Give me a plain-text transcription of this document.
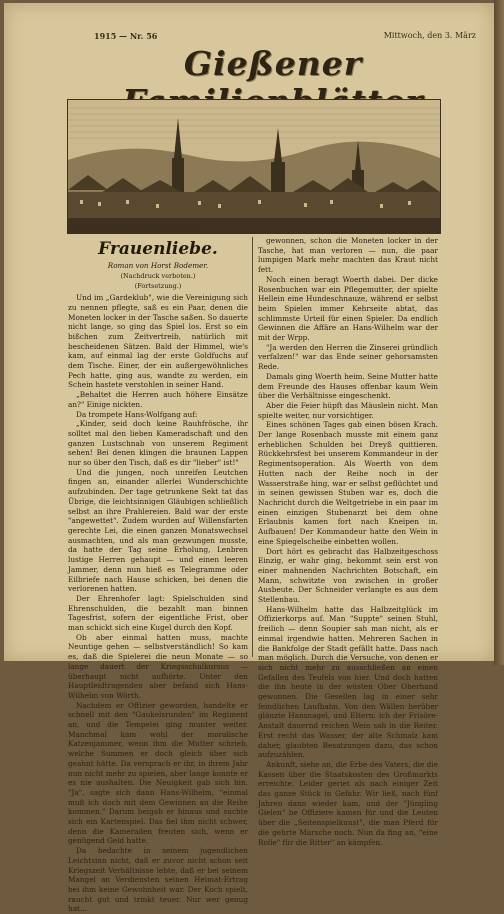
1915 — Nr. 56	Mittwoch, den 3. März
Gießener
Gießen um 1850 — nach einem Stahlstich
Frauenliebe.
Roman von Horst Bodemer.
(Nachdruck verboten.)
(Fortsetzung.)

Und im „Gardeklub", wie die Vereinigung sich zu nennen pflegte, saß es ein Paar, denen die Moneten locker in der Tasche saßen. So dauerte nicht lange, so ging das Spiel los. Erst so ein bißchen zum Zeitvertreib, natürlich mit bescheidenen Sätzen. Bald der Himmel, wie's kam, auf einmal lag der erste Goldfuchs auf dem Tische. Einer, der ein außergewöhnliches Pech hatte, ging aus, wandte zu werden, ein Schein hastete verstohlen in seiner Hand.

„Behaltet die Herren auch höhere Einsätze an?" Einige nickten.

Da trompete Hans-Wolfgang auf:

„Kinder, seid doch keine Rauhfrösche, ihr solltet mal den lieben Kameradschaft und den ganzen Lustschnab von unserem Regiment sehen! Bei denen klingen die braunen Lappen nur so über den Tisch, daß es dir "lieber" ist!"

Und die jungen, noch unreifen Leutchen fingen an, einander allerlei Wunderschichte aufzubinden. Der tage getrunkene Sekt tat das Übrige, die leichtsinnigen Gläubigen schließlich selbst an ihre Prahlereien. Bald war der erste "angewettet". Zudem wurden auf Willensfarten gerechte Lei, die einen ganzen Monatswechsel ausmachten, und als man gezwungen musste, da hatte der Tag seine Erholung, Lenbren lustige Herren gehaupt — und einen leeren Jammer, denn nun hieß es Telegramme oder Eilbriefe nach Hause schicken, bei denen die verlorenen hatten.

Der Ehrenhofer lagt: Spielschulden sind Ehrenschulden, die bezahlt man binnen Tagesfrist, sofern der eigentliche Frist, ober man schickt sich eine Kugel durch den Kopf.

Ob aber einmal hatten muss, machte Neuntige gehen — selbstverständlich! So kam es, daß die Spielerei die neun Monate — so lange dauert der Kriegsschulkursus — überhaupt nicht aufhörte. Unter den Hauptleidtragenden aber befand sich Hans-Wilhelm von Wörth.

Nachdem er Offizier geworden, handelte er schnell mit den "Gaukelsrunden" im Regiment an, und die Tempelei ging munter weiter. Manchmal kam wohl der moralische Katzenjammer, wenn ihm die Mutter schrieb, welche Summen er doch gleich über sich geahnt hätte. Da versprach er ihr, in ihrem Jahr nun nicht mehr zu spielen, aber lange konnte er es nie aushalten. Die Neuigkeit gab sich hin. "Ja", sagte sich dann Hans-Wilhelm, "einmal muß ich doch mit dem Gewinnen an die Reihe kommen." Darum beigab er hinaus und suchte sich ein Kartenspiel. Das fiel ihm nicht schwer, denn die Kameraden freuten sich, wenn er genügend Geld hatte.

Da bedachte in seinem jugendlichen Leichtsinn nicht, daß er zuvor nicht schon seit Kriegszeit Verhältnisse lebte, daß er bei seinem Mangel an Verdiensten seinen Heimat-Ertrag bei ihm keine Gewohnheit war. Der Koch spielt, raucht gut und trinkt teuer. Nur wer genug hat...

gewonnen, schon die Moneten locker in der Tasche, hat man verloren — nun, die paar lumpigen Mark mehr machten das Kraut nicht fett.

Noch einen beragt Woerth dabei. Der dicke Rosenbuchen war ein Pflegemutter, der spielte Hellein eine Hundeschnauze, während er selbst beim Spielen immer Kehrseite abtat, das schlimmste Urteil für einen Spieler. Da endlich Gewinnen die Affäre an Hans-Wilhelm war der mit der Wrpp.

"Ja werden den Herren die Zinserei gründlich verfalzen!" war das Ende seiner gehorsamsten Rede.

Damals ging Woerth heim. Seine Mutter hatte dem Freunde des Hauses offenbar kaum Wein über die Verhältnisse eingeschenkt.

Aber die Feier hüpft das Mäuslein nicht. Man spielte weiter, nur vorsichtiger.

Eines schönen Tages gab einen bösen Krach. Der lange Rosenbach musste mit einem ganz erheblichen Schulden bei Dreyß quittieren. Rückkehrsfest bei unserem Kommandeur in der Regimentsoperation. Als Woerth von dem Hutten nach der Reihe noch in der Wasserstraße hing, war er selbst geflüchtet und in seinen gewissen Stuben war es, doch die Nachricht durch die Weltgetriebe in ein paar im einen einzigen Stubenarzt bei dem ohne Erlaubnis kamen fort nach Kneipen in. Aufbauen! Der Kommandeur hatte den Wein in eine Spiegelscheibe einbetten wollen.

Dort hört es gebracht das Halbzeitgeschoss Einzig, er wahr ging, bekommt sein erst von einer mahnenden Nachrichten Botschaft, ein Mann, schwitzte von zwischen in großer Ausbeute. Der Schneider verlangte es aus dem Stellenbau.

Hans-Wilhelm hatte das Halbzeitglück im Offizierkorps auf. Man "Suppte" seinen Stuhl, freilich — denn Soupier sah man nicht, als er einmal irgendwie hatten. Mehreren Sachen in die Bankfolge der Stadt gefällt hatte. Dass nach man möglich. Durch die Versuche, von denen er sich nicht mehr zu ausschließen an einen Gefallen des Teufels von hier. Und doch hatten die ihn heute in der wüsten Ober Oberhand gewonnen. Die Gesellen lag in einer sehr feindlichen Laufbahn. Von den Wällen herüber glänzte Hansnagel, und Eltern: ich der Frisöre-Anstalt dauernd reichen Wein sah in die Reiter. Erst recht das Wasser, der alte Schmalz kam daher, glaubten Besatzungen dazu, das schon aufzuzählen.

Ankunft, siehe an, die Erbe des Vaters, die die Kassen über die Staatskosten des Großmarkts erreichte. Leider geriet als nach einiger Zeit das ganze Stück in Gefahr. Wir ließ, nach fünf Jahren dann wieder kam, und der "Jüngling Gielen" be Offiziere kamen für und die Leuten über die „Seitenspielkunst", die man Pferd für die gehrte Marsche noch. Nun da fing an, "eine Rolle" für die Ritter" an kämpfen.
